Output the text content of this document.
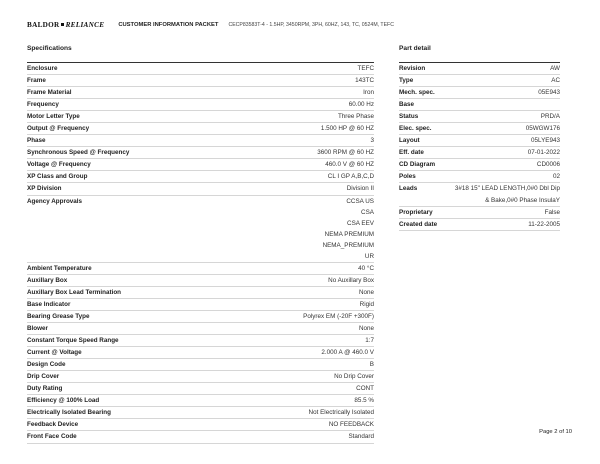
BALDOR RELIANCE CUSTOMER INFORMATION PACKET CECP83583T-4 - 1.5HP, 3450RPM, 3PH, 60HZ, 143, TC, 0524M, TEFC
Specifications
Enclosure	TEFC
Frame	143TC
Frame Material	Iron
Frequency	60.00 Hz
Motor Letter Type	Three Phase
Output @ Frequency	1.500 HP @ 60 HZ
Phase	3
Synchronous Speed @ Frequency	3600 RPM @ 60 HZ
Voltage @ Frequency	460.0 V @ 60 HZ
XP Class and Group	CL I GP A,B,C,D
XP Division	Division II
Agency Approvals	CCSA US
CSA
CSA EEV
NEMA PREMIUM
NEMA_PREMIUM
UR
Ambient Temperature	40 °C
Auxillary Box	No Auxillary Box
Auxillary Box Lead Termination	None
Base Indicator	Rigid
Bearing Grease Type	Polyrex EM (-20F +300F)
Blower	None
Constant Torque Speed Range	1:7
Current @ Voltage	2.000 A @ 460.0 V
Design Code	B
Drip Cover	No Drip Cover
Duty Rating	CONT
Efficiency @ 100% Load	85.5 %
Electrically Isolated Bearing	Not Electrically Isolated
Feedback Device	NO FEEDBACK
Front Face Code	Standard
Part detail
Revision	AW
Type	AC
Mech. spec.	05E943
Base
Status	PRD/A
Elec. spec.	05WGW176
Layout	05LYE943
Eff. date	07-01-2022
CD Diagram	CD0006
Poles	02
Leads	3#18 15" LEAD LENGTH,0#0 Dbl Dip & Bake,0#0 Phase InsulaY
Proprietary	False
Created date	11-22-2005
Page 2 of 10
